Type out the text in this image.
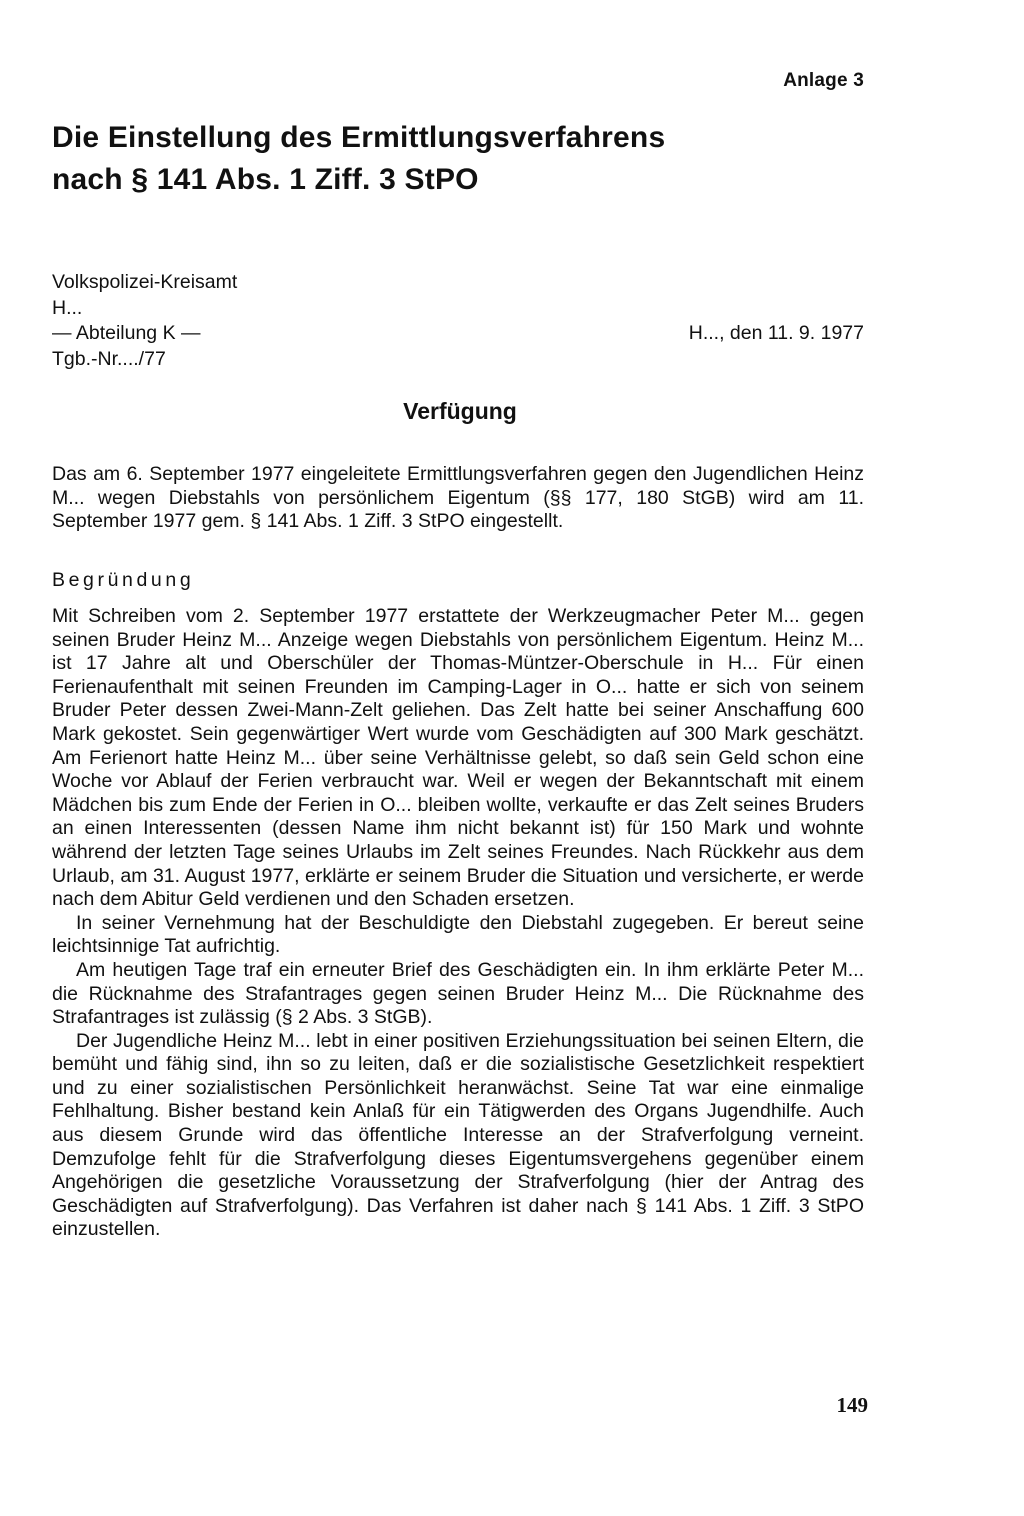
Anlage 3
Die Einstellung des Ermittlungsverfahrens
nach § 141 Abs. 1 Ziff. 3 StPO
Volkspolizei-Kreisamt
H...
— Abteilung K —
Tgb.-Nr..../77
H..., den 11. 9. 1977
Verfügung

Das am 6. September 1977 eingeleitete Ermittlungsverfahren gegen den Jugendlichen Heinz M... wegen Diebstahls von persönlichem Eigentum (§§ 177, 180 StGB) wird am 11. September 1977 gem. § 141 Abs. 1 Ziff. 3 StPO eingestellt.

Begründung

Mit Schreiben vom 2. September 1977 erstattete der Werkzeugmacher Peter M... gegen seinen Bruder Heinz M... Anzeige wegen Diebstahls von persönlichem Eigentum. Heinz M... ist 17 Jahre alt und Oberschüler der Thomas-Müntzer-Oberschule in H... Für einen Ferienaufenthalt mit seinen Freunden im Camping-Lager in O... hatte er sich von seinem Bruder Peter dessen Zwei-Mann-Zelt geliehen. Das Zelt hatte bei seiner Anschaffung 600 Mark gekostet. Sein gegenwärtiger Wert wurde vom Geschädigten auf 300 Mark geschätzt. Am Ferienort hatte Heinz M... über seine Verhältnisse gelebt, so daß sein Geld schon eine Woche vor Ablauf der Ferien verbraucht war. Weil er wegen der Bekanntschaft mit einem Mädchen bis zum Ende der Ferien in O... bleiben wollte, verkaufte er das Zelt seines Bruders an einen Interessenten (dessen Name ihm nicht bekannt ist) für 150 Mark und wohnte während der letzten Tage seines Urlaubs im Zelt seines Freundes. Nach Rückkehr aus dem Urlaub, am 31. August 1977, erklärte er seinem Bruder die Situation und versicherte, er werde nach dem Abitur Geld verdienen und den Schaden ersetzen.

In seiner Vernehmung hat der Beschuldigte den Diebstahl zugegeben. Er bereut seine leichtsinnige Tat aufrichtig.

Am heutigen Tage traf ein erneuter Brief des Geschädigten ein. In ihm erklärte Peter M... die Rücknahme des Strafantrages gegen seinen Bruder Heinz M... Die Rücknahme des Strafantrages ist zulässig (§ 2 Abs. 3 StGB).

Der Jugendliche Heinz M... lebt in einer positiven Erziehungssituation bei seinen Eltern, die bemüht und fähig sind, ihn so zu leiten, daß er die sozialistische Gesetzlichkeit respektiert und zu einer sozialistischen Persönlichkeit heranwächst. Seine Tat war eine einmalige Fehlhaltung. Bisher bestand kein Anlaß für ein Tätigwerden des Organs Jugendhilfe. Auch aus diesem Grunde wird das öffentliche Interesse an der Strafverfolgung verneint. Demzufolge fehlt für die Strafverfolgung dieses Eigentumsvergehens gegenüber einem Angehörigen die gesetzliche Voraussetzung der Strafverfolgung (hier der Antrag des Geschädigten auf Strafverfolgung). Das Verfahren ist daher nach § 141 Abs. 1 Ziff. 3 StPO einzustellen.

149
